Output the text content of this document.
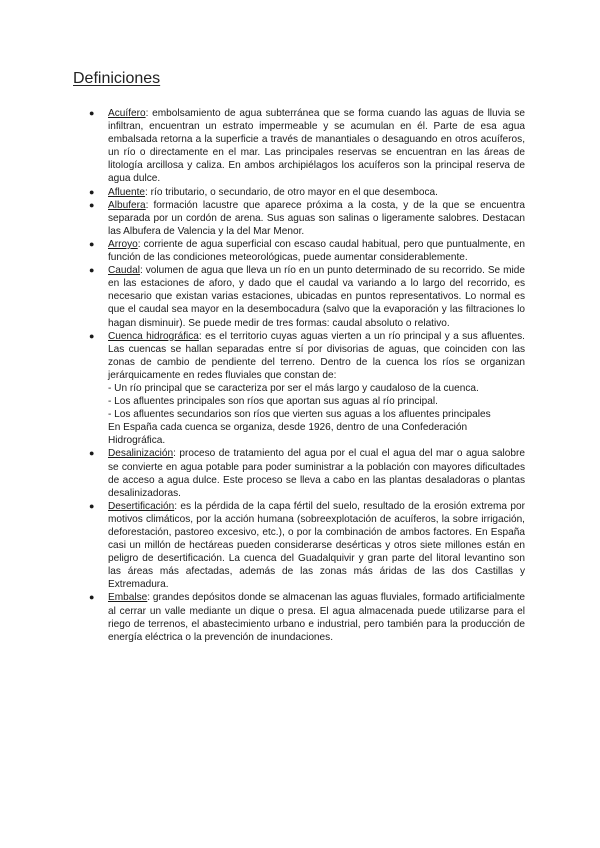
Definiciones
● Acuífero: embolsamiento de agua subterránea que se forma cuando las aguas de lluvia se infiltran, encuentran un estrato impermeable y se acumulan en él. Parte de esa agua embalsada retorna a la superficie a través de manantiales o desaguando en otros acuíferos, un río o directamente en el mar. Las principales reservas se encuentran en las áreas de litología arcillosa y caliza. En ambos archipiélagos los acuíferos son la principal reserva de agua dulce.
● Afluente: río tributario, o secundario, de otro mayor en el que desemboca.
● Albufera: formación lacustre que aparece próxima a la costa, y de la que se encuentra separada por un cordón de arena. Sus aguas son salinas o ligeramente salobres. Destacan las Albufera de Valencia y la del Mar Menor.
● Arroyo: corriente de agua superficial con escaso caudal habitual, pero que puntualmente, en función de las condiciones meteorológicas, puede aumentar considerablemente.
● Caudal: volumen de agua que lleva un río en un punto determinado de su recorrido. Se mide en las estaciones de aforo, y dado que el caudal va variando a lo largo del recorrido, es necesario que existan varias estaciones, ubicadas en puntos representativos. Lo normal es que el caudal sea mayor en la desembocadura (salvo que la evaporación y las filtraciones lo hagan disminuir). Se puede medir de tres formas: caudal absoluto o relativo.
● Cuenca hidrográfica: es el territorio cuyas aguas vierten a un río principal y a sus afluentes. Las cuencas se hallan separadas entre sí por divisorias de aguas, que coinciden con las zonas de cambio de pendiente del terreno. Dentro de la cuenca los ríos se organizan jerárquicamente en redes fluviales que constan de:
- Un río principal que se caracteriza por ser el más largo y caudaloso de la cuenca.
- Los afluentes principales son ríos que aportan sus aguas al río principal.
- Los afluentes secundarios son ríos que vierten sus aguas a los afluentes principales
En España cada cuenca se organiza, desde 1926, dentro de una Confederación Hidrográfica.
● Desalinización: proceso de tratamiento del agua por el cual el agua del mar o agua salobre se convierte en agua potable para poder suministrar a la población con mayores dificultades de acceso a agua dulce. Este proceso se lleva a cabo en las plantas desaladoras o plantas desalinizadoras.
● Desertificación: es la pérdida de la capa fértil del suelo, resultado de la erosión extrema por motivos climáticos, por la acción humana (sobreexplotación de acuíferos, la sobre irrigación, deforestación, pastoreo excesivo, etc.), o por la combinación de ambos factores. En España casi un millón de hectáreas pueden considerarse desérticas y otros siete millones están en peligro de desertificación. La cuenca del Guadalquivir y gran parte del litoral levantino son las áreas más afectadas, además de las zonas más áridas de las dos Castillas y Extremadura.
● Embalse: grandes depósitos donde se almacenan las aguas fluviales, formado artificialmente al cerrar un valle mediante un dique o presa. El agua almacenada puede utilizarse para el riego de terrenos, el abastecimiento urbano e industrial, pero también para la producción de energía eléctrica o la prevención de inundaciones.
